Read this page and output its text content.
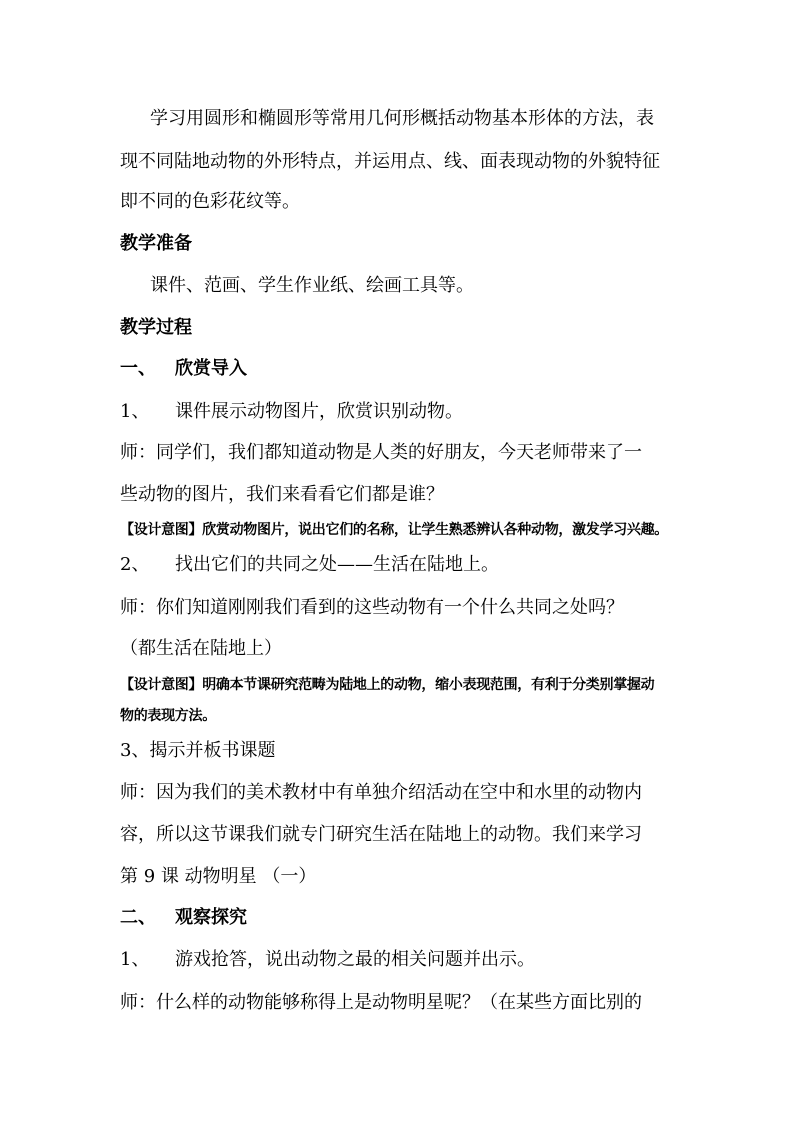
学习用圆形和椭圆形等常用几何形概括动物基本形体的方法，表
现不同陆地动物的外形特点，并运用点、线、面表现动物的外貌特征
即不同的色彩花纹等。
教学准备
课件、范画、学生作业纸、绘画工具等。
教学过程
一、 欣赏导入
1、 课件展示动物图片，欣赏识别动物。
师：同学们，我们都知道动物是人类的好朋友，今天老师带来了一
些动物的图片，我们来看看它们都是谁？
【设计意图】欣赏动物图片，说出它们的名称，让学生熟悉辨认各种动物，激发学习兴趣。
2、 找出它们的共同之处——生活在陆地上。
师：你们知道刚刚我们看到的这些动物有一个什么共同之处吗？
（都生活在陆地上）
【设计意图】明确本节课研究范畴为陆地上的动物，缩小表现范围，有利于分类别掌握动
物的表现方法。
3、揭示并板书课题
师：因为我们的美术教材中有单独介绍活动在空中和水里的动物内
容，所以这节课我们就专门研究生活在陆地上的动物。我们来学习
第 9 课 动物明星 （一）
二、 观察探究
1、 游戏抢答，说出动物之最的相关问题并出示。
师：什么样的动物能够称得上是动物明星呢？（在某些方面比别的
